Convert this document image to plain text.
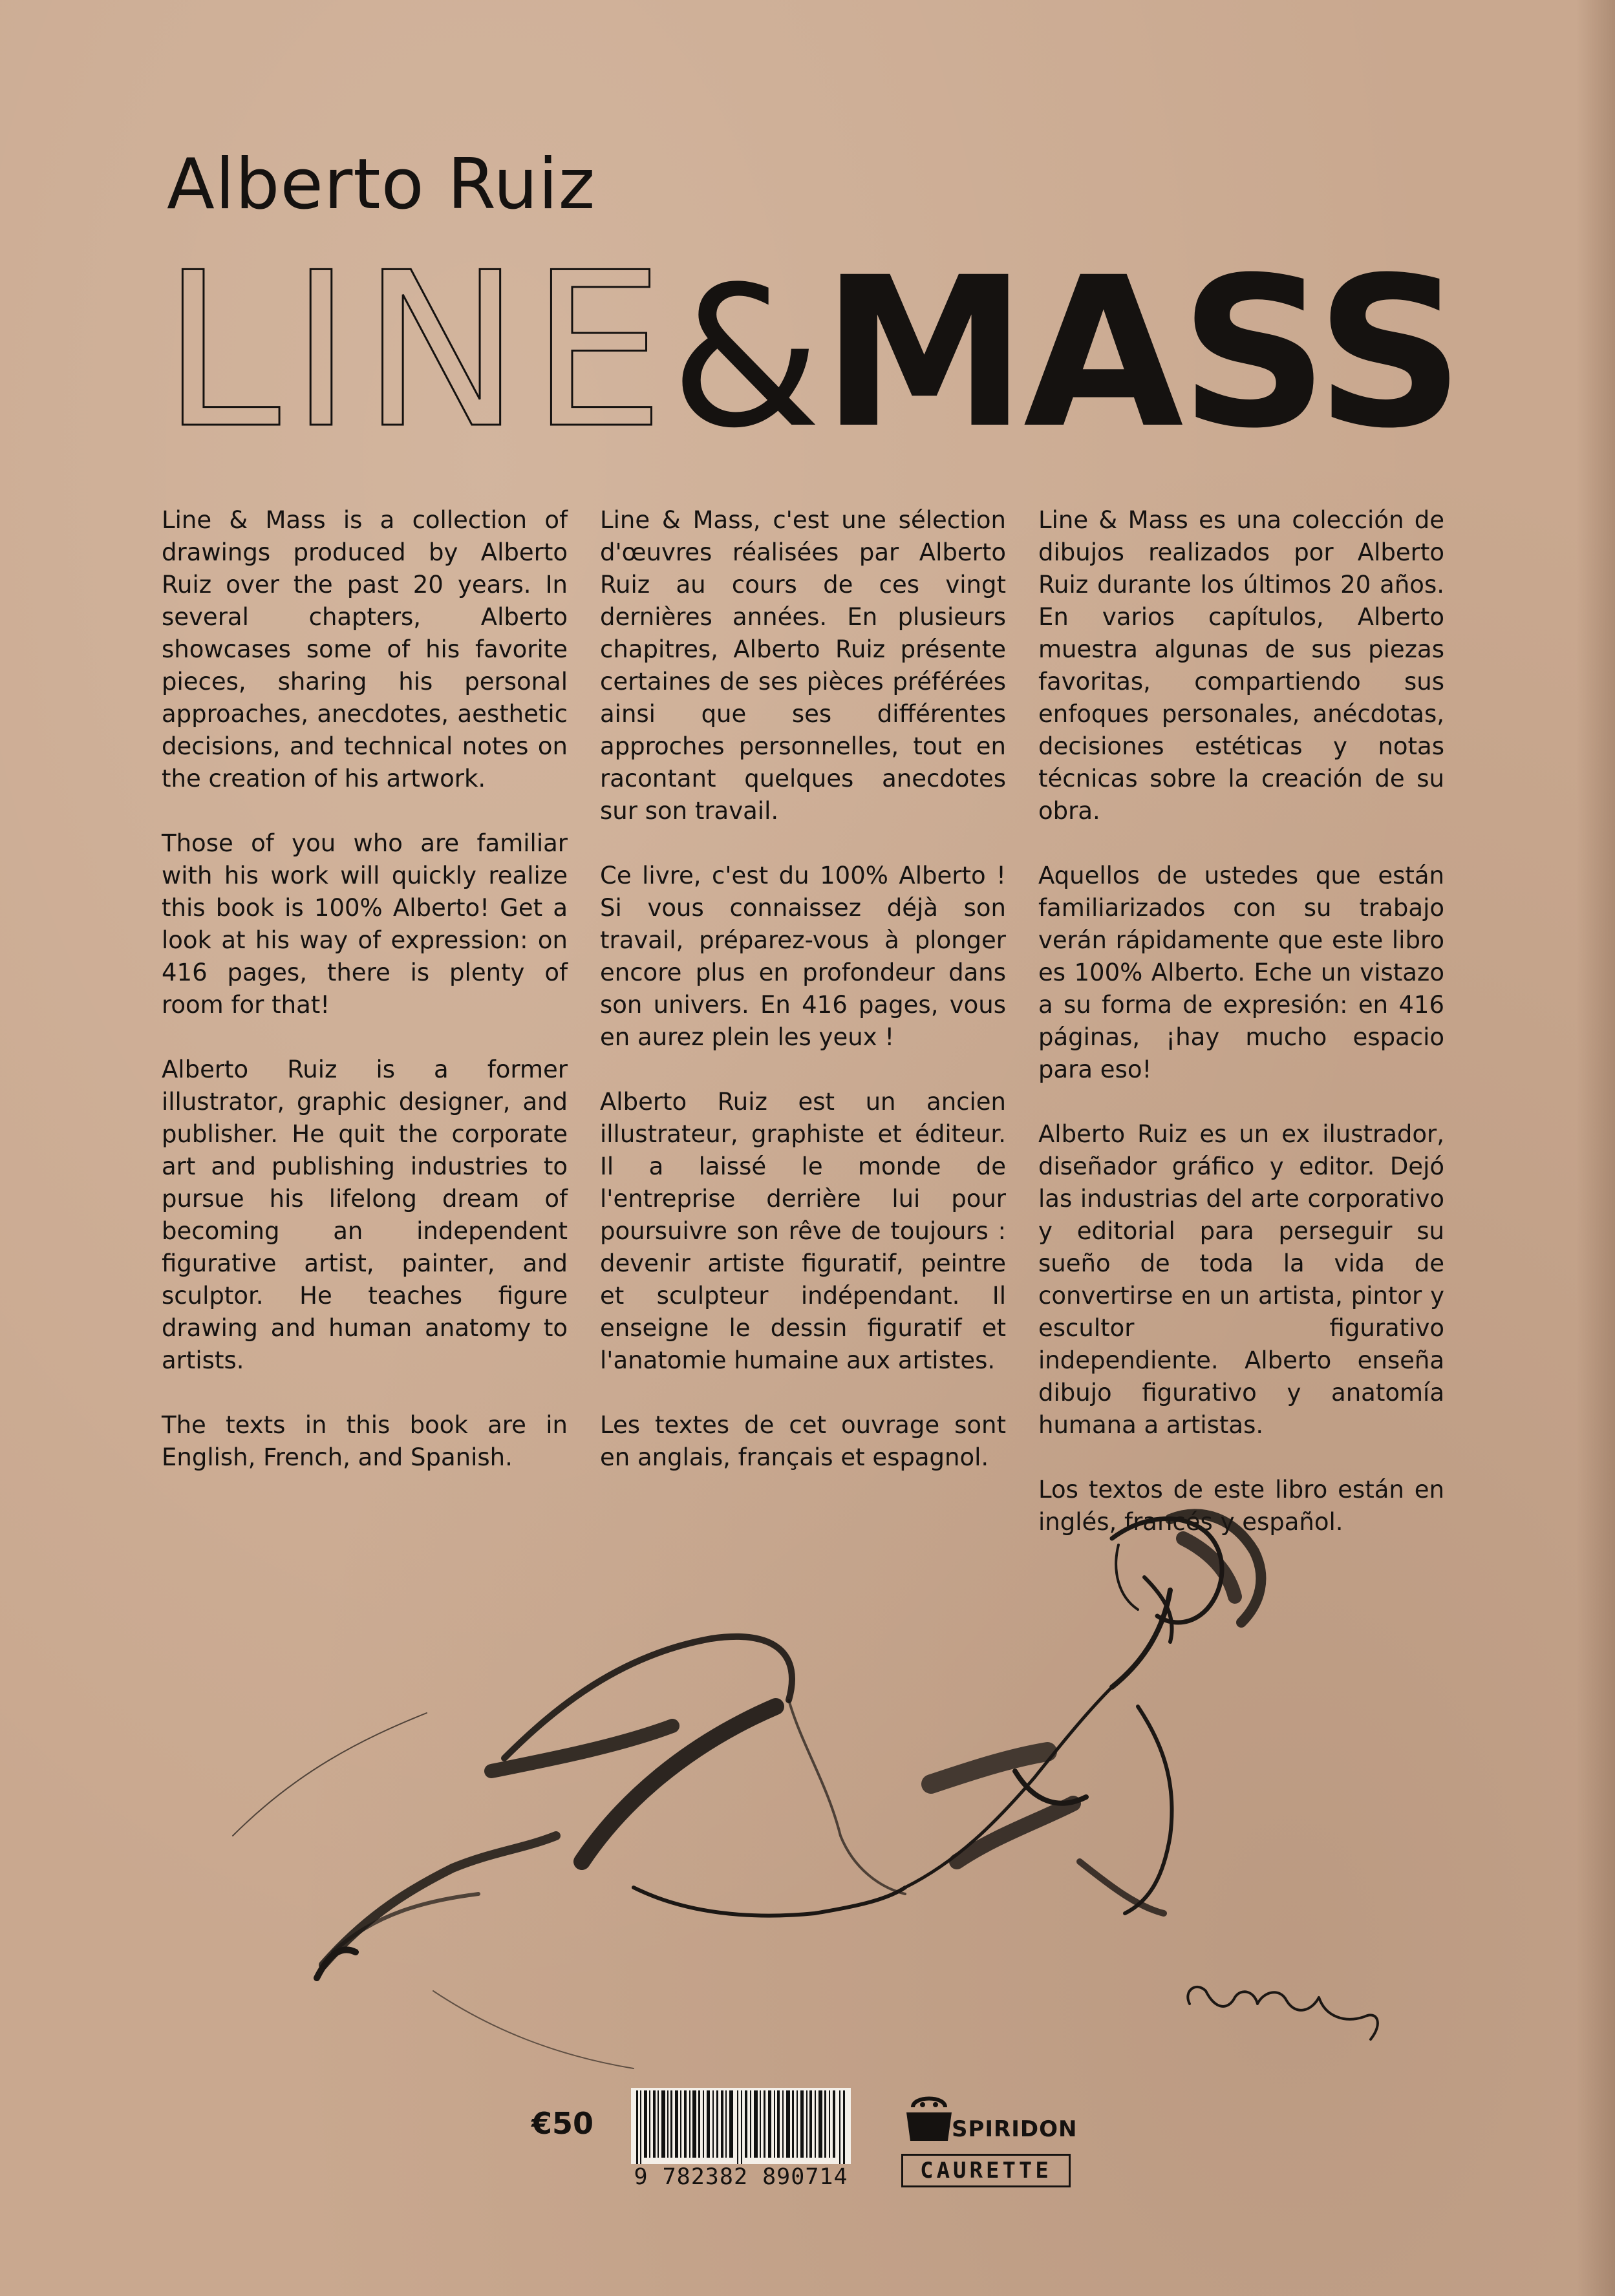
Alberto Ruiz
LINE&MASS

Line & Mass is a collection of drawings produced by Alberto Ruiz over the past 20 years. In several chapters, Alberto showcases some of his favorite pieces, sharing his personal approaches, anecdotes, aesthetic decisions, and technical notes on the creation of his artwork.

Those of you who are familiar with his work will quickly realize this book is 100% Alberto! Get a look at his way of expression: on 416 pages, there is plenty of room for that!

Alberto Ruiz is a former illustrator, graphic designer, and publisher. He quit the corporate art and publishing industries to pursue his lifelong dream of becoming an independent figurative artist, painter, and sculptor. He teaches figure drawing and human anatomy to artists.

The texts in this book are in English, French, and Spanish.

Line & Mass, c'est une sélection d'œuvres réalisées par Alberto Ruiz au cours de ces vingt dernières années. En plusieurs chapitres, Alberto Ruiz présente certaines de ses pièces préférées ainsi que ses différentes approches personnelles, tout en racontant quelques anecdotes sur son travail.

Ce livre, c'est du 100% Alberto ! Si vous connaissez déjà son travail, préparez-vous à plonger encore plus en profondeur dans son univers. En 416 pages, vous en aurez plein les yeux !

Alberto Ruiz est un ancien illustrateur, graphiste et éditeur. Il a laissé le monde de l'entreprise derrière lui pour poursuivre son rêve de toujours : devenir artiste figuratif, peintre et sculpteur indépendant. Il enseigne le dessin figuratif et l'anatomie humaine aux artistes.

Les textes de cet ouvrage sont en anglais, français et espagnol.

Line & Mass es una colección de dibujos realizados por Alberto Ruiz durante los últimos 20 años. En varios capítulos, Alberto muestra algunas de sus piezas favoritas, compartiendo sus enfoques personales, anécdotas, decisiones estéticas y notas técnicas sobre la creación de su obra.

Aquellos de ustedes que están familiarizados con su trabajo verán rápidamente que este libro es 100% Alberto. Eche un vistazo a su forma de expresión: en 416 páginas, ¡hay mucho espacio para eso!

Alberto Ruiz es un ex ilustrador, diseñador gráfico y editor. Dejó las industrias del arte corporativo y editorial para perseguir su sueño de toda la vida de convertirse en un artista, pintor y escultor figurativo independiente. Alberto enseña dibujo figurativo y anatomía humana a artistas.

Los textos de este libro están en inglés, francés y español.

€50
9 782382 890714
SPIRIDON
CAURETTE
